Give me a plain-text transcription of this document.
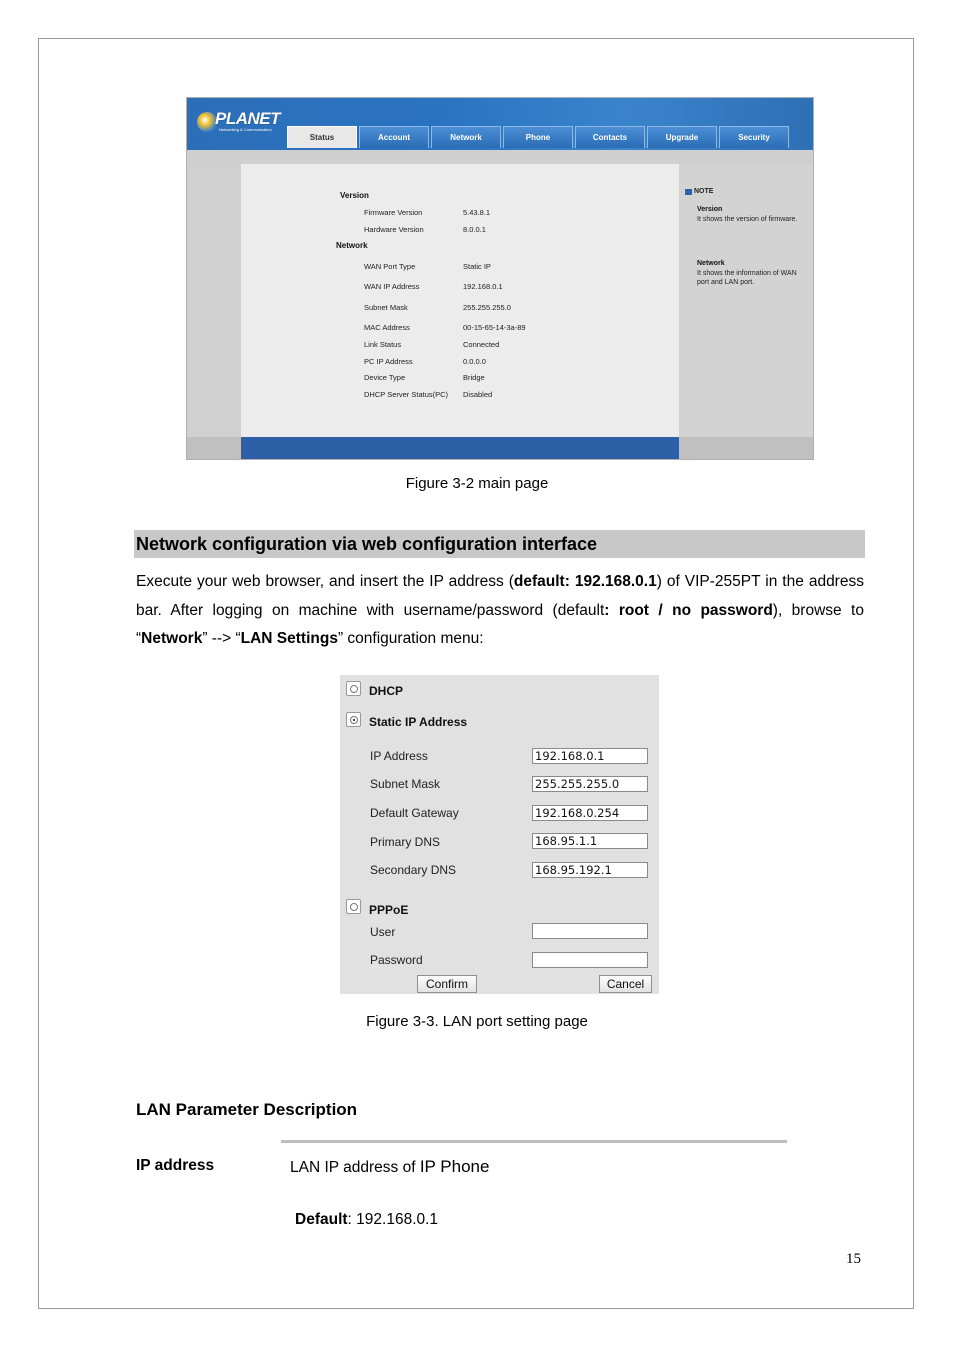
PLANET
Networking & Communication
Status	Account	Network	Phone	Contacts	Upgrade	Security
Version
Firmware Version	5.43.8.1
Hardware Version	8.0.0.1
Network
WAN Port Type	Static IP
WAN IP Address	192.168.0.1
Subnet Mask	255.255.255.0
MAC Address	00-15-65-14-3a-89
Link Status	Connected
PC IP Address	0.0.0.0
Device Type	Bridge
DHCP Server Status(PC) Disabled
NOTE
Version
It shows the version of firmware.
Network
It shows the information of WAN port and LAN port.
Figure 3-2 main page
Network configuration via web configuration interface
Execute your web browser, and insert the IP address (default: 192.168.0.1) of VIP-255PT in the address bar. After logging on machine with username/password (default: root / no password), browse to “Network” --> “LAN Settings” configuration menu:
DHCP
Static IP Address
IP Address	192.168.0.1
Subnet Mask	255.255.255.0
Default Gateway	192.168.0.254
Primary DNS	168.95.1.1
Secondary DNS	168.95.192.1
PPPoE
User
Password
Confirm	Cancel
Figure 3-3. LAN port setting page
LAN Parameter Description
IP address	LAN IP address of IP Phone
Default: 192.168.0.1
15
